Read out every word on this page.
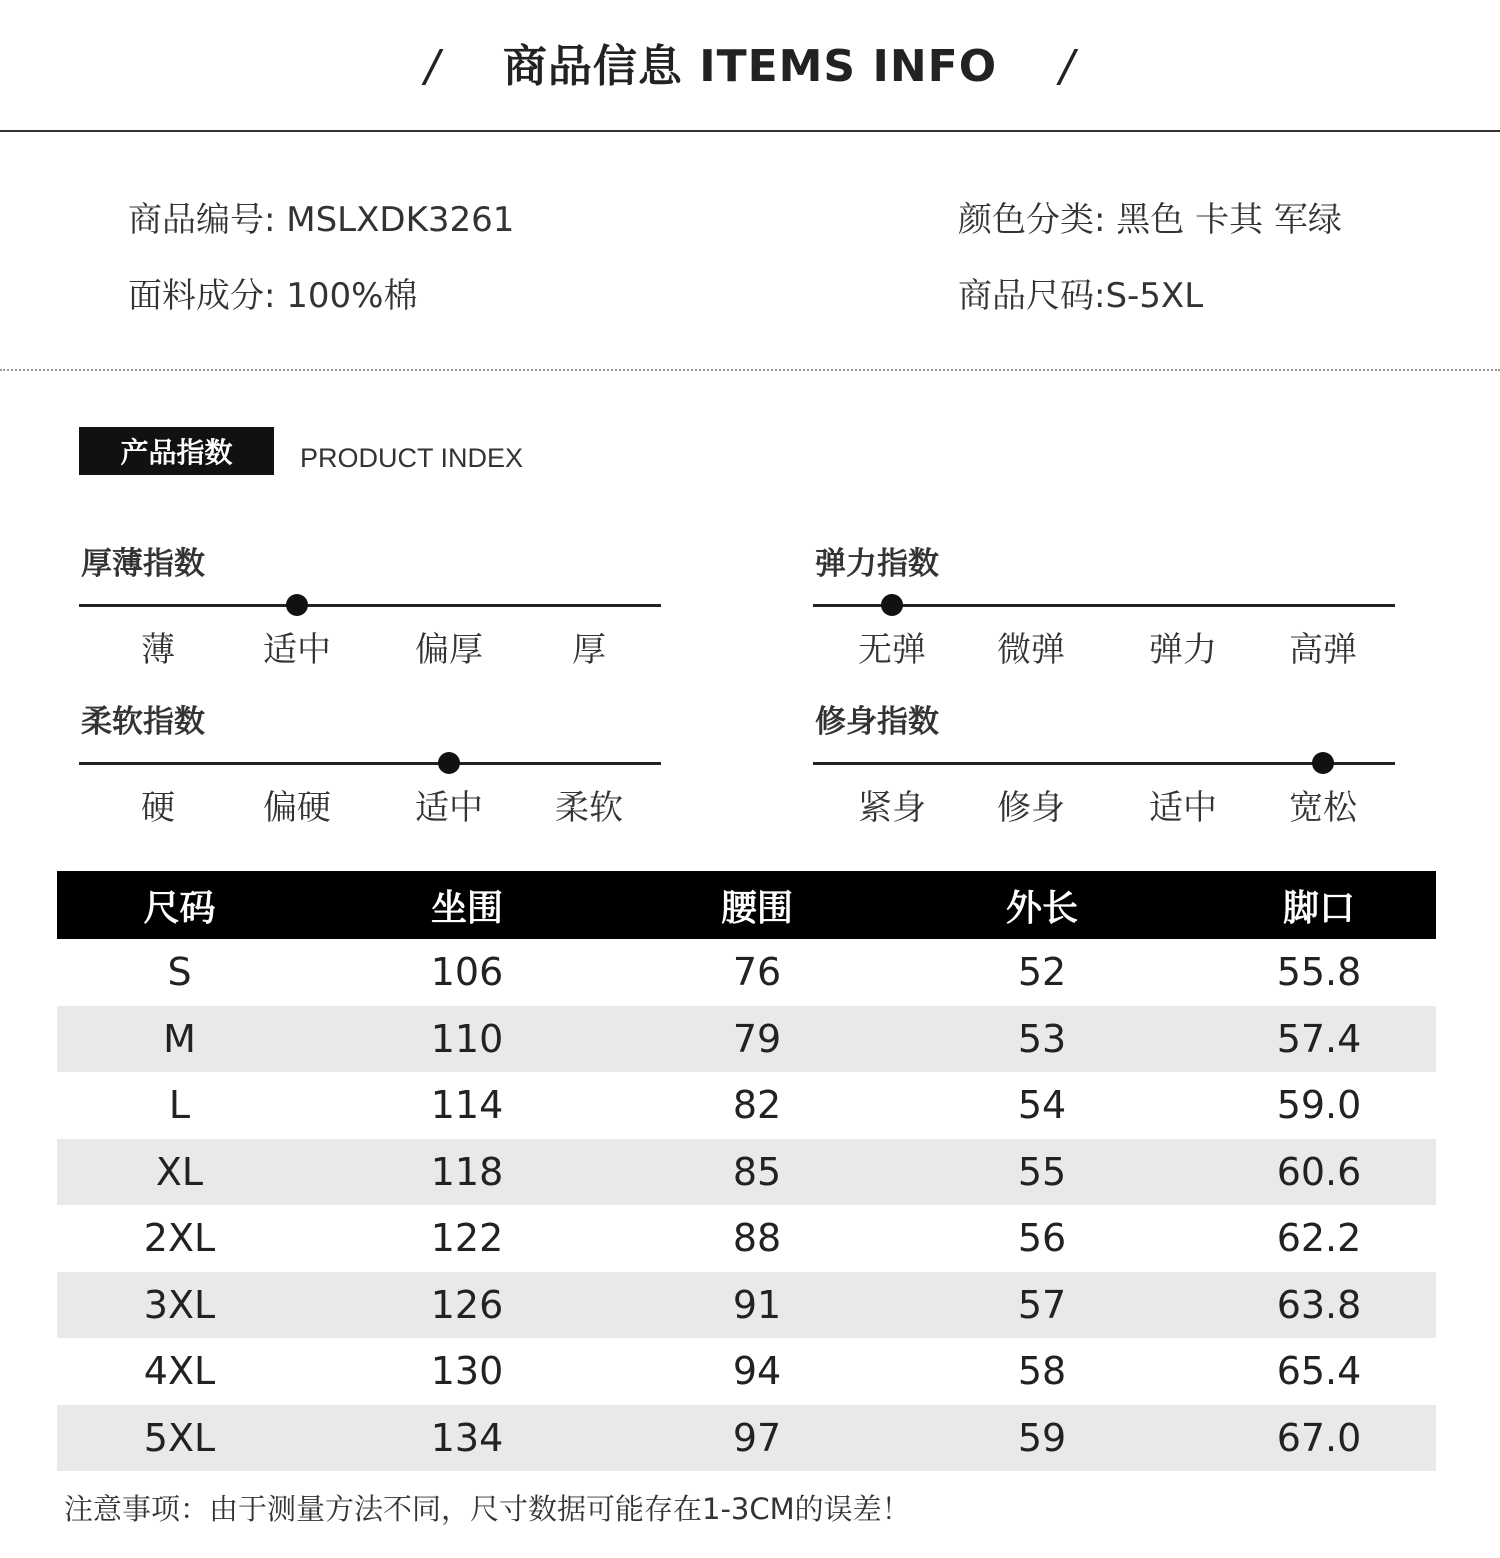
/ 商品信息 ITEMS INFO /
商品编号: MSLXDK3261	颜色分类: 黑色 卡其 军绿
面料成分: 100%棉	商品尺码:S-5XL
产品指数	PRODUCT INDEX
厚薄指数
薄	适中 偏厚	厚
弹力指数
无弹 微弹 弹力 高弹
柔软指数
硬	偏硬 适中 柔软
修身指数
紧身 修身 适中 宽松
尺码	坐围	腰围	外长	脚口
S	106	76	52	55.8
M	110	79	53	57.4
L	114	82	54	59.0
XL	118	85	55	60.6
2XL	122	88	56	62.2
3XL	126	91	57	63.8
4XL	130	94	58	65.4
5XL	134	97	59	67.0
注意事项：由于测量方法不同，尺寸数据可能存在1-3CM的误差！
